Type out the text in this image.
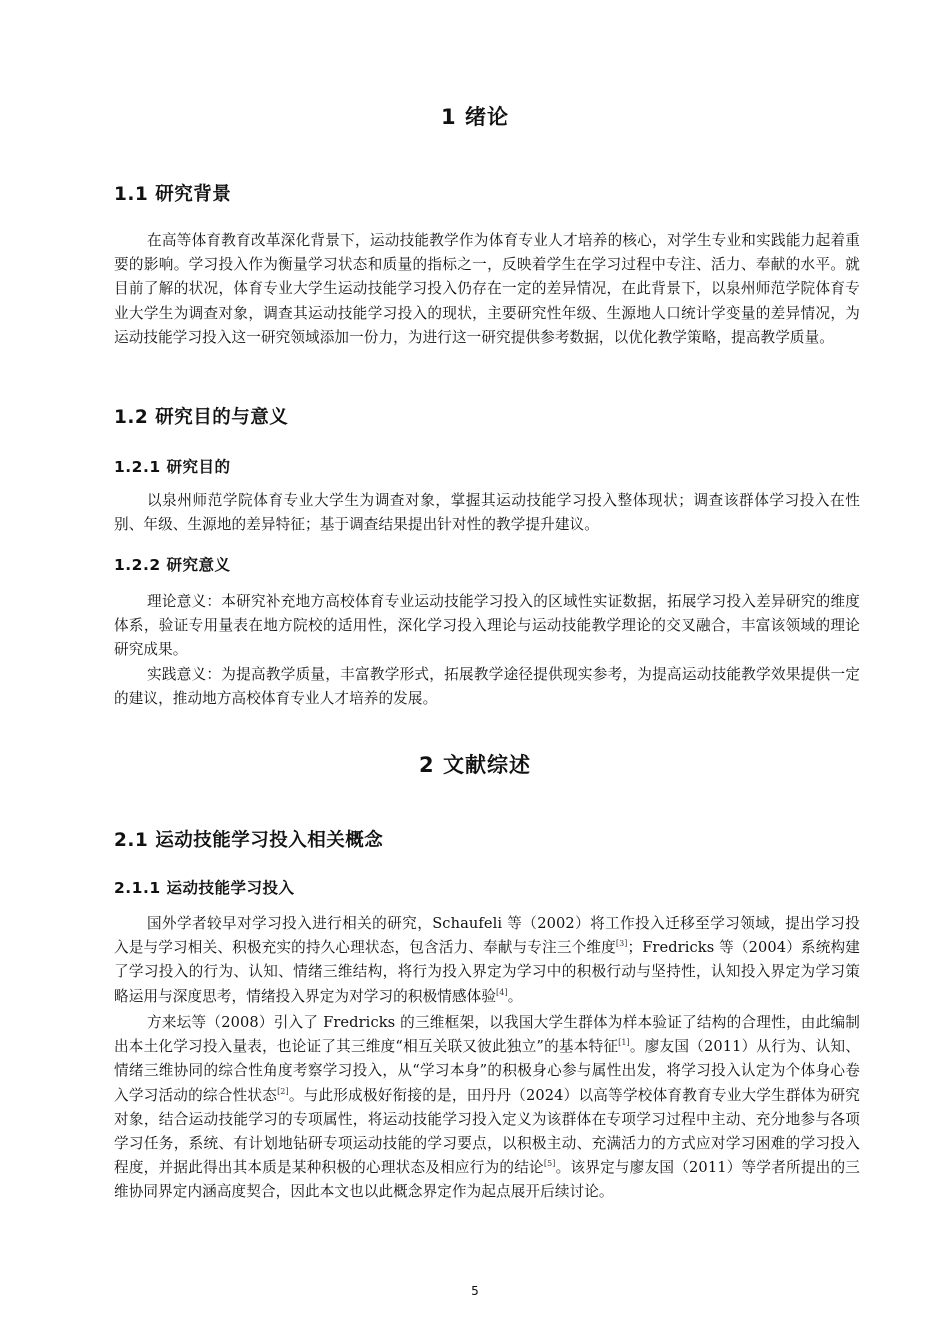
1 绪论
1.1 研究背景

在高等体育教育改革深化背景下，运动技能教学作为体育专业人才培养的核心，对学生专业和实践能力起着重要的影响。学习投入作为衡量学习状态和质量的指标之一，反映着学生在学习过程中专注、活力、奉献的水平。就目前了解的状况，体育专业大学生运动技能学习投入仍存在一定的差异情况，在此背景下，以泉州师范学院体育专业大学生为调查对象，调查其运动技能学习投入的现状，主要研究性年级、生源地人口统计学变量的差异情况，为运动技能学习投入这一研究领域添加一份力，为进行这一研究提供参考数据，以优化教学策略，提高教学质量。

1.2 研究目的与意义
1.2.1 研究目的

以泉州师范学院体育专业大学生为调查对象，掌握其运动技能学习投入整体现状；调查该群体学习投入在性别、年级、生源地的差异特征；基于调查结果提出针对性的教学提升建议。

1.2.2 研究意义

理论意义：本研究补充地方高校体育专业运动技能学习投入的区域性实证数据，拓展学习投入差异研究的维度体系，验证专用量表在地方院校的适用性，深化学习投入理论与运动技能教学理论的交叉融合，丰富该领域的理论研究成果。

实践意义：为提高教学质量，丰富教学形式，拓展教学途径提供现实参考，为提高运动技能教学效果提供一定的建议，推动地方高校体育专业人才培养的发展。

2 文献综述
2.1 运动技能学习投入相关概念
2.1.1 运动技能学习投入

国外学者较早对学习投入进行相关的研究，Schaufeli 等（2002）将工作投入迁移至学习领域，提出学习投入是与学习相关、积极充实的持久心理状态，包含活力、奉献与专注三个维度[3]；Fredricks 等（2004）系统构建了学习投入的行为、认知、情绪三维结构，将行为投入界定为学习中的积极行动与坚持性，认知投入界定为学习策略运用与深度思考，情绪投入界定为对学习的积极情感体验[4]。

方来坛等（2008）引入了 Fredricks 的三维框架，以我国大学生群体为样本验证了结构的合理性，由此编制出本土化学习投入量表，也论证了其三维度“相互关联又彼此独立”的基本特征[1]。廖友国（2011）从行为、认知、情绪三维协同的综合性角度考察学习投入，从“学习本身”的积极身心参与属性出发，将学习投入认定为个体身心卷入学习活动的综合性状态[2]。与此形成极好衔接的是，田丹丹（2024）以高等学校体育教育专业大学生群体为研究对象，结合运动技能学习的专项属性，将运动技能学习投入定义为该群体在专项学习过程中主动、充分地参与各项学习任务，系统、有计划地钻研专项运动技能的学习要点，以积极主动、充满活力的方式应对学习困难的学习投入程度，并据此得出其本质是某种积极的心理状态及相应行为的结论[5]。该界定与廖友国（2011）等学者所提出的三维协同界定内涵高度契合，因此本文也以此概念界定作为起点展开后续讨论。

5
